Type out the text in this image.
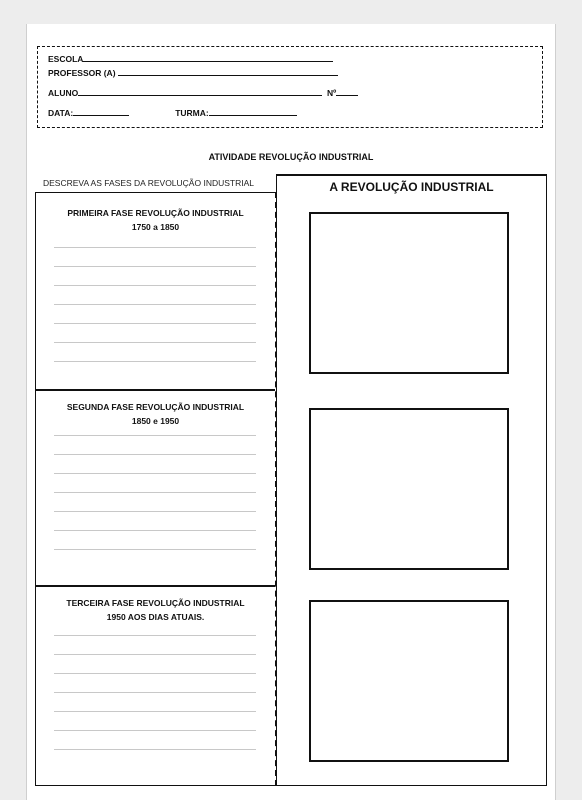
ESCOLA
PROFESSOR (A)
ALUNO	Nº
DATA:	TURMA:
ATIVIDADE REVOLUÇÃO INDUSTRIAL
DESCREVA AS FASES DA REVOLUÇÃO INDUSTRIAL
PRIMEIRA FASE REVOLUÇÃO INDUSTRIAL
1750 a 1850
SEGUNDA FASE REVOLUÇÃO INDUSTRIAL
1850 e 1950
TERCEIRA FASE REVOLUÇÃO INDUSTRIAL
1950 AOS DIAS ATUAIS.
A REVOLUÇÃO INDUSTRIAL
